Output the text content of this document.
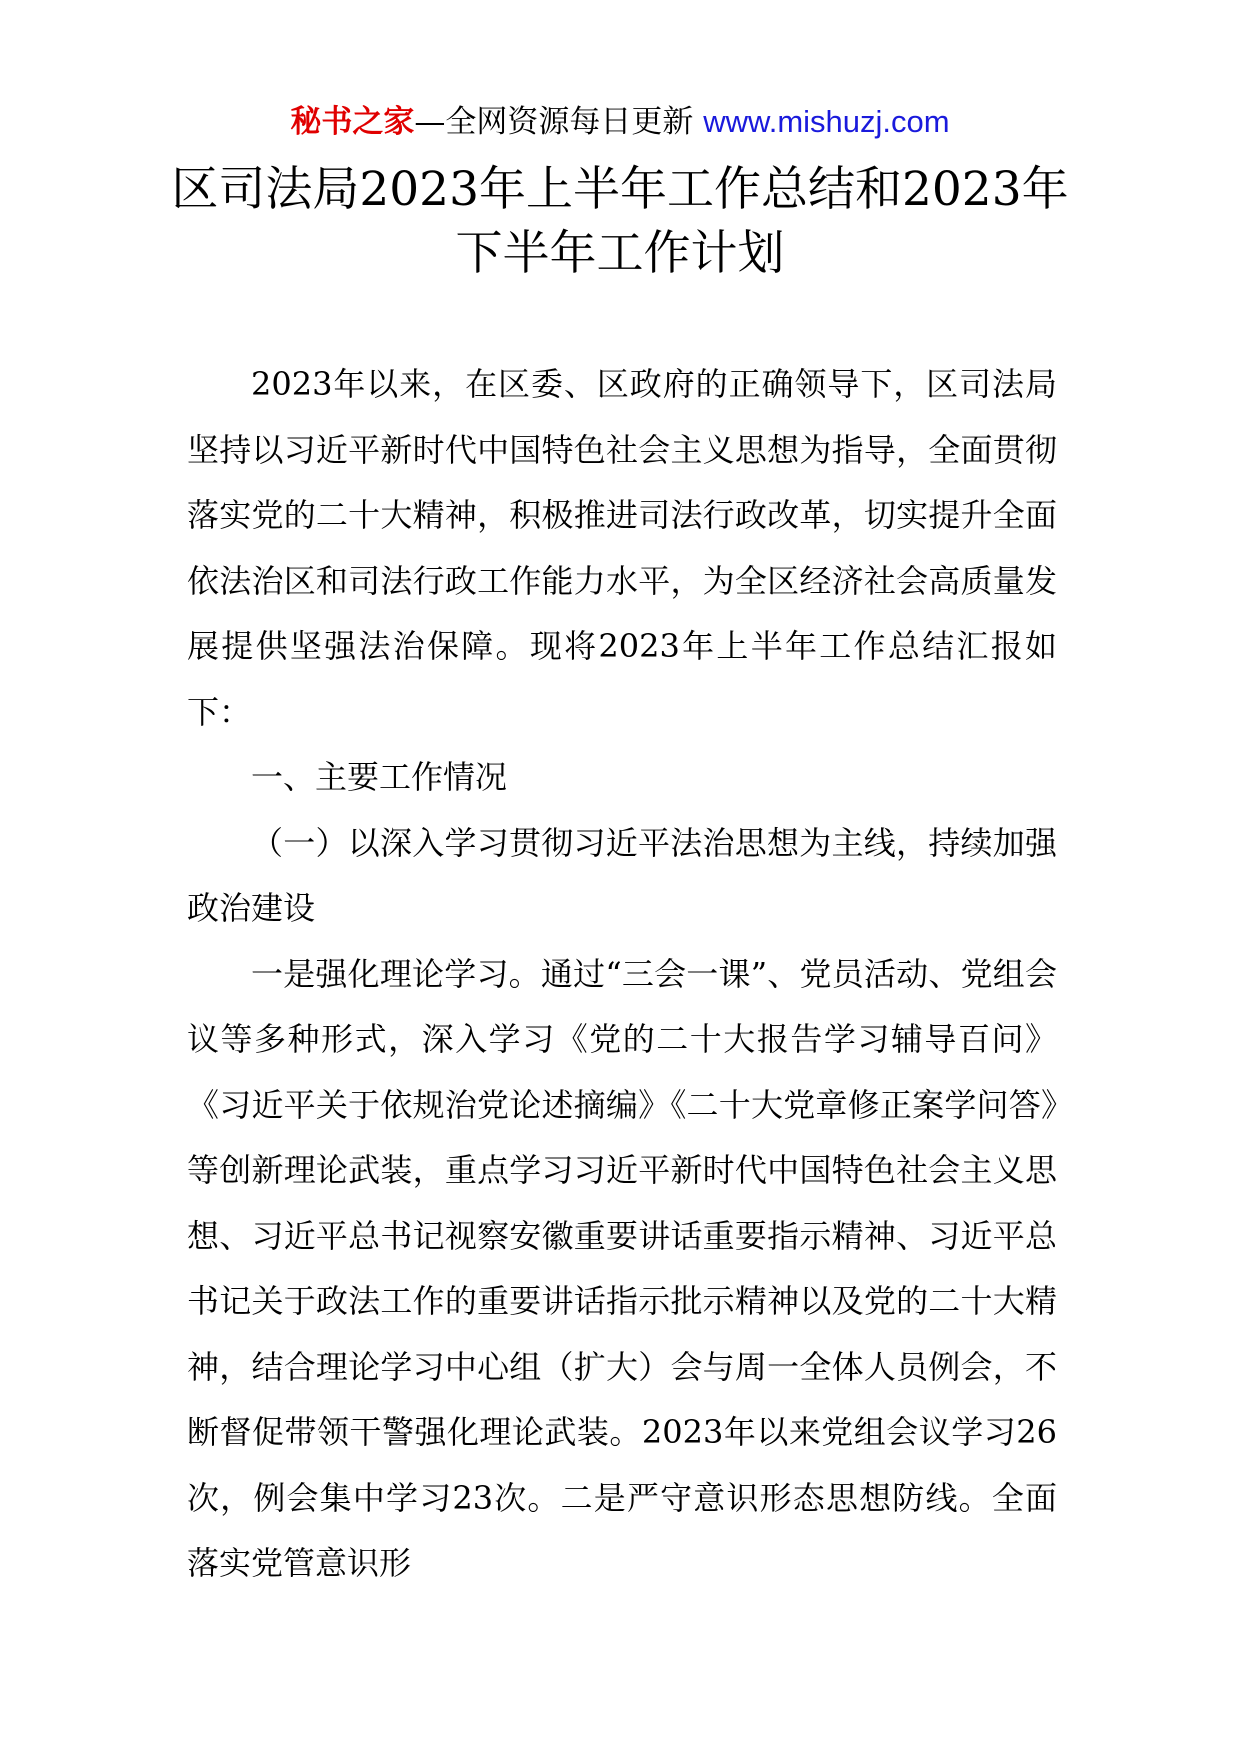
秘书之家—全网资源每日更新 www.mishuzj.com
区司法局2023年上半年工作总结和2023年下半年工作计划

2023年以来，在区委、区政府的正确领导下，区司法局坚持以习近平新时代中国特色社会主义思想为指导，全面贯彻落实党的二十大精神，积极推进司法行政改革，切实提升全面依法治区和司法行政工作能力水平，为全区经济社会高质量发展提供坚强法治保障。现将2023年上半年工作总结汇报如下：

一、主要工作情况

（一）以深入学习贯彻习近平法治思想为主线，持续加强政治建设

一是强化理论学习。通过“三会一课”、党员活动、党组会议等多种形式，深入学习《党的二十大报告学习辅导百问》《习近平关于依规治党论述摘编》《二十大党章修正案学问答》等创新理论武装，重点学习习近平新时代中国特色社会主义思想、习近平总书记视察安徽重要讲话重要指示精神、习近平总书记关于政法工作的重要讲话指示批示精神以及党的二十大精神，结合理论学习中心组（扩大）会与周一全体人员例会，不断督促带领干警强化理论武装。2023年以来党组会议学习26次，例会集中学习23次。二是严守意识形态思想防线。全面落实党管意识形
